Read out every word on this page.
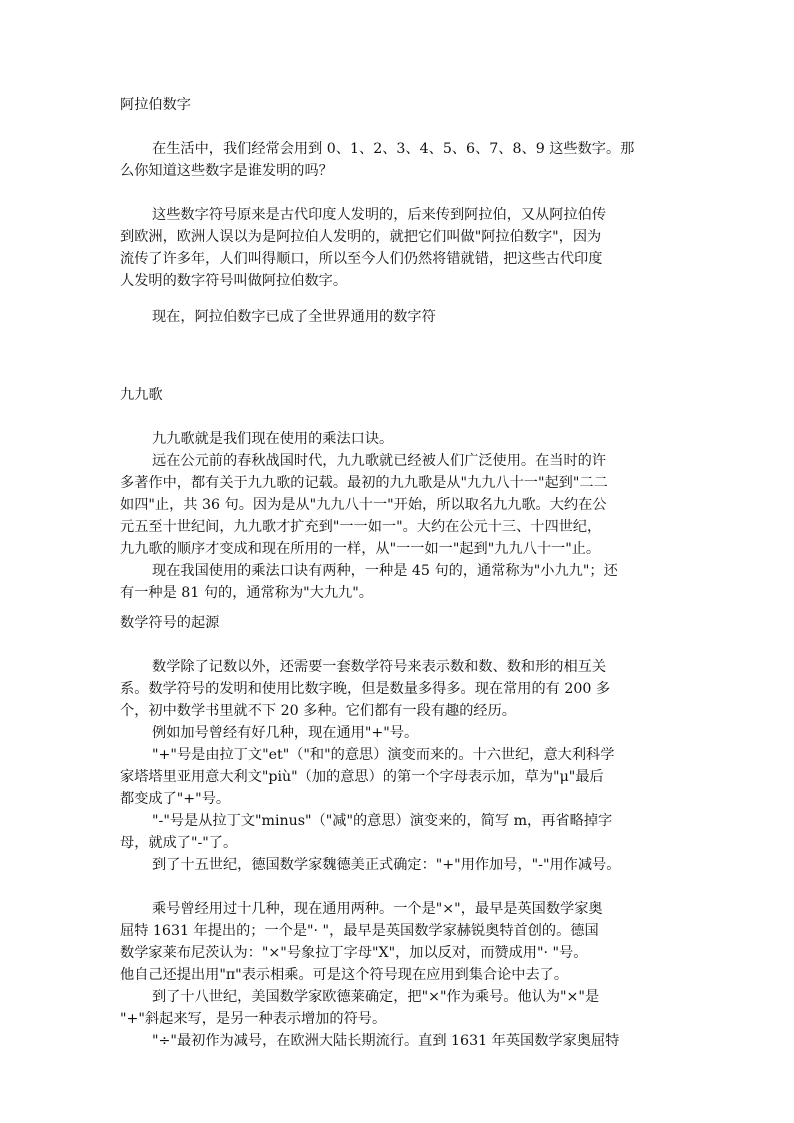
阿拉伯数字
在生活中，我们经常会用到 0、1、2、3、4、5、6、7、8、9 这些数字。那
么你知道这些数字是谁发明的吗？
这些数字符号原来是古代印度人发明的，后来传到阿拉伯，又从阿拉伯传
到欧洲，欧洲人误以为是阿拉伯人发明的，就把它们叫做"阿拉伯数字"，因为
流传了许多年，人们叫得顺口，所以至今人们仍然将错就错，把这些古代印度
人发明的数字符号叫做阿拉伯数字。
现在，阿拉伯数字已成了全世界通用的数字符
九九歌
九九歌就是我们现在使用的乘法口诀。
远在公元前的春秋战国时代，九九歌就已经被人们广泛使用。在当时的许
多著作中，都有关于九九歌的记载。最初的九九歌是从"九九八十一"起到"二二
如四"止，共 36 句。因为是从"九九八十一"开始，所以取名九九歌。大约在公
元五至十世纪间，九九歌才扩充到"一一如一"。大约在公元十三、十四世纪，
九九歌的顺序才变成和现在所用的一样，从"一一如一"起到"九九八十一"止。
现在我国使用的乘法口诀有两种，一种是 45 句的，通常称为"小九九"；还
有一种是 81 句的，通常称为"大九九"。
数学符号的起源
数学除了记数以外，还需要一套数学符号来表示数和数、数和形的相互关
系。数学符号的发明和使用比数字晚，但是数量多得多。现在常用的有 200 多
个，初中数学书里就不下 20 多种。它们都有一段有趣的经历。
例如加号曾经有好几种，现在通用"+"号。
"+"号是由拉丁文"et"（"和"的意思）演变而来的。十六世纪，意大利科学
家塔塔里亚用意大利文"più"（加的意思）的第一个字母表示加，草为"μ"最后
都变成了"+"号。
"-"号是从拉丁文"minus"（"减"的意思）演变来的，简写 m，再省略掉字
母，就成了"-"了。
到了十五世纪，德国数学家魏德美正式确定："+"用作加号，"-"用作减号。
乘号曾经用过十几种，现在通用两种。一个是"×"，最早是英国数学家奥
屈特 1631 年提出的；一个是"· "，最早是英国数学家赫锐奥特首创的。德国
数学家莱布尼茨认为："×"号象拉丁字母"X"，加以反对，而赞成用"· "号。
他自己还提出用"π"表示相乘。可是这个符号现在应用到集合论中去了。
到了十八世纪，美国数学家欧德莱确定，把"×"作为乘号。他认为"×"是
"+"斜起来写，是另一种表示增加的符号。
"÷"最初作为减号，在欧洲大陆长期流行。直到 1631 年英国数学家奥屈特
